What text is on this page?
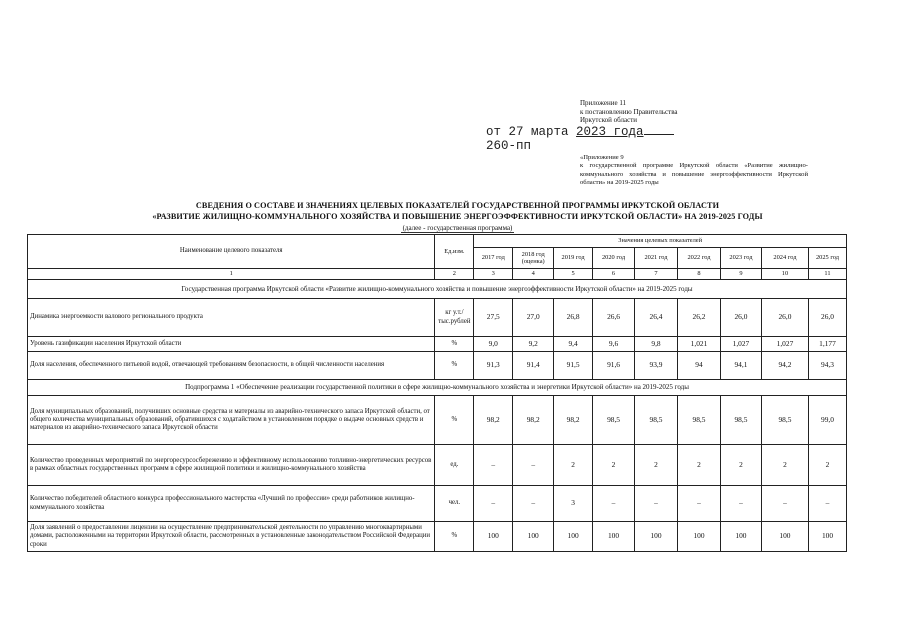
Приложение 11
к постановлению Правительства
Иркутской области
от 27 марта 2023 года
260-пп
«Приложение 9
к государственной программе Иркутской области «Развитие жилищно-коммунального хозяйства и повышение энергоэффективности Иркутской области» на 2019-2025 годы
СВЕДЕНИЯ О СОСТАВЕ И ЗНАЧЕНИЯХ ЦЕЛЕВЫХ ПОКАЗАТЕЛЕЙ ГОСУДАРСТВЕННОЙ ПРОГРАММЫ ИРКУТСКОЙ ОБЛАСТИ
«РАЗВИТИЕ ЖИЛИЩНО-КОММУНАЛЬНОГО ХОЗЯЙСТВА И ПОВЫШЕНИЕ ЭНЕРГОЭФФЕКТИВНОСТИ ИРКУТСКОЙ ОБЛАСТИ» НА 2019-2025 ГОДЫ
(далее - государственная программа)
Наименование целевого показателя	Ед.изм.	Значения целевых показателей								
		2017 год	2018 год (оценка)	2019 год	2020 год	2021 год	2022 год	2023 год	2024 год	2025 год
1	2	3	4	5	6	7	8	9	10	11
Государственная программа Иркутской области «Развитие жилищно-коммунального хозяйства и повышение энергоэффективности Иркутской области» на 2019-2025 годы										
Динамика энергоемкости валового регионального продукта	кг у.т./ тыс.рублей	27,5	27,0	26,8	26,6	26,4	26,2	26,0	26,0	26,0
Уровень газификации населения Иркутской области	%	9,0	9,2	9,4	9,6	9,8	1,021	1,027	1,027	1,177
Доля населения, обеспеченного питьевой водой, отвечающей требованиям безопасности, в общей численности населения	%	91,3	91,4	91,5	91,6	93,9	94	94,1	94,2	94,3
Подпрограмма 1 «Обеспечение реализации государственной политики в сфере жилищно-коммунального хозяйства и энергетики Иркутской области» на 2019-2025 годы										
Доля муниципальных образований, получивших основные средства и материалы из аварийно-технического запаса Иркутской области, от общего количества муниципальных образований, обратившихся с ходатайством в установленном порядке о выдаче основных средств и материалов из аварийно-технического запаса Иркутской области	%	98,2	98,2	98,2	98,5	98,5	98,5	98,5	98,5	99,0
Количество проведенных мероприятий по энергоресурсосбережению и эффективному использованию топливно-энергетических ресурсов в рамках областных государственных программ в сфере жилищной политики и жилищно-коммунального хозяйства	ед.	–	–	2	2	2	2	2	2	2
Количество победителей областного конкурса профессионального мастерства «Лучший по профессии» среди работников жилищно-коммунального хозяйства	чел.	–	–	3	–	–	–	–	–	–
Доля заявлений о предоставлении лицензии на осуществление предпринимательской деятельности по управлению многоквартирными домами, расположенными на территории Иркутской области, рассмотренных в установленные законодательством Российской Федерации сроки	%	100	100	100	100	100	100	100	100	100
